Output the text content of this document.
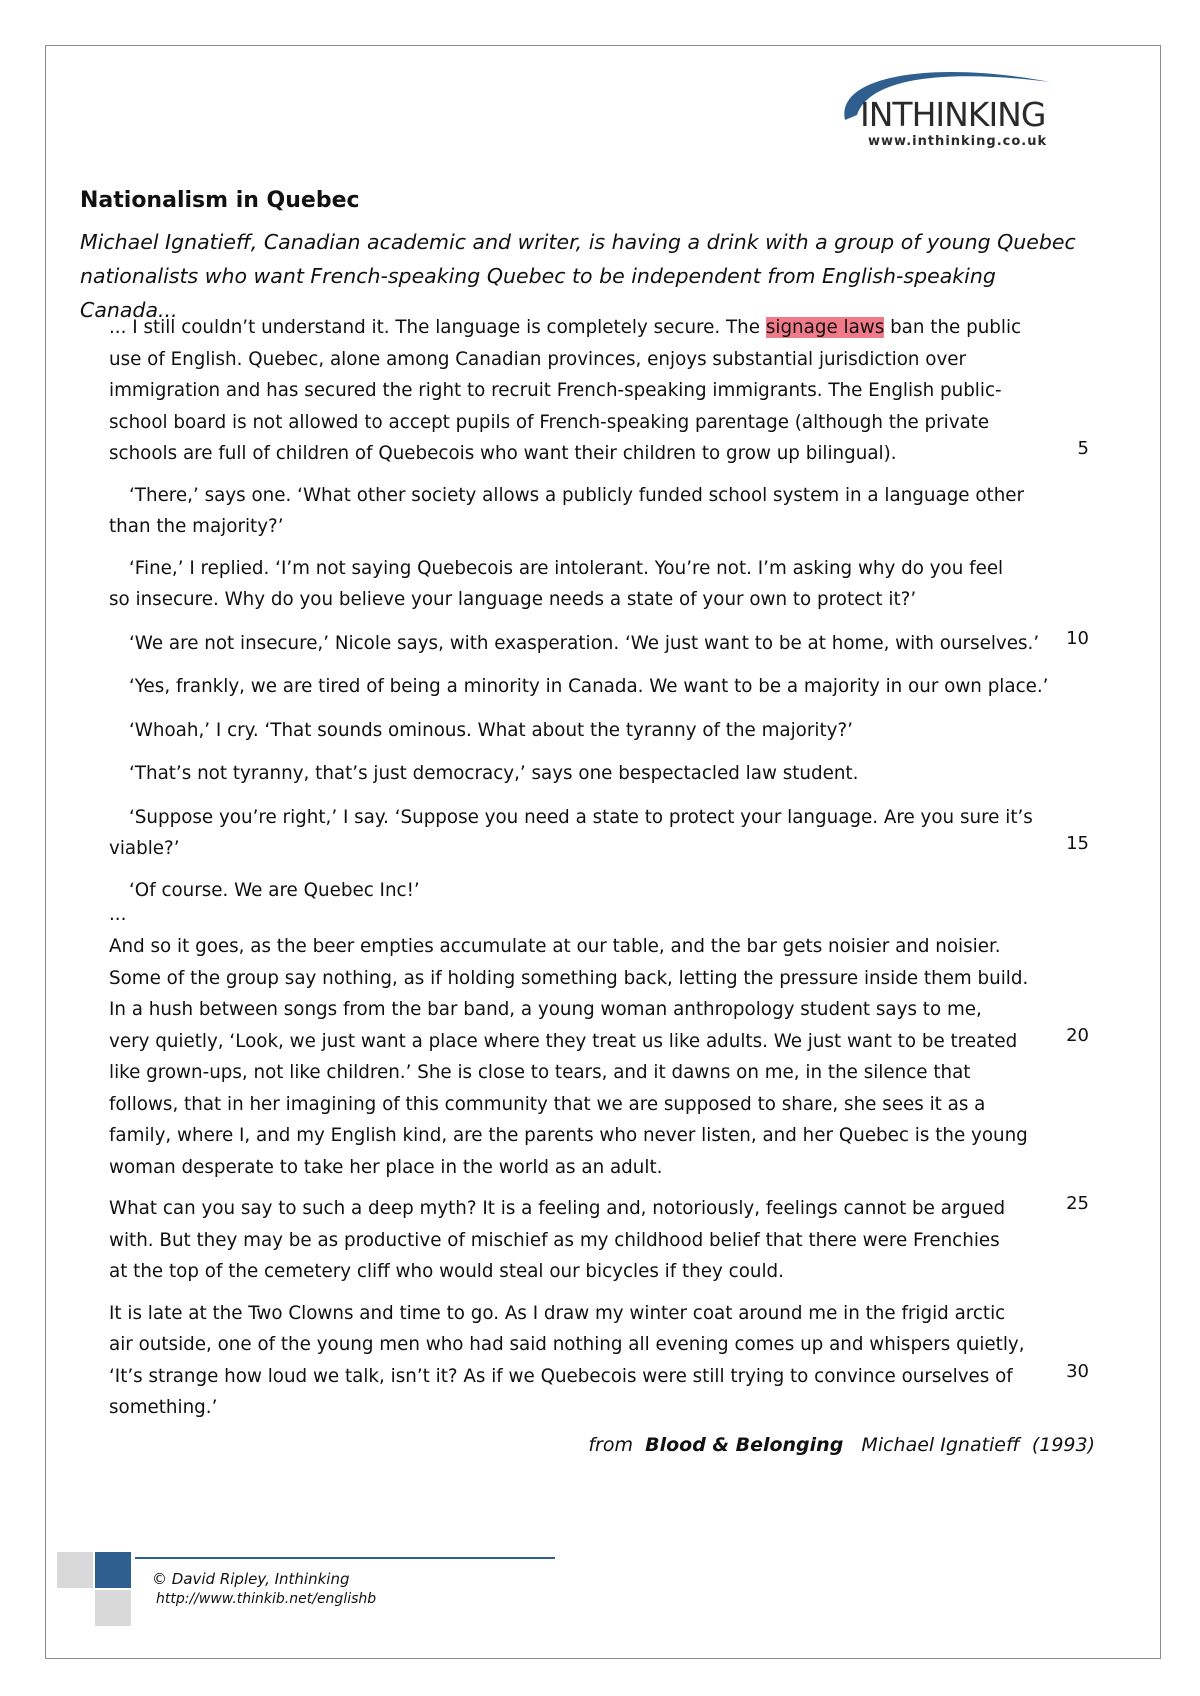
INTHINKING
www.inthinking.co.uk
Nationalism in Quebec

Michael Ignatieff, Canadian academic and writer, is having a drink with a group of young Quebec nationalists who want French-speaking Quebec to be independent from English-speaking Canada...

... I still couldn’t understand it. The language is completely secure. The signage laws ban the public
use of English. Quebec, alone among Canadian provinces, enjoys substantial jurisdiction over
immigration and has secured the right to recruit French-speaking immigrants. The English public-
school board is not allowed to accept pupils of French-speaking parentage (although the private
schools are full of children of Quebecois who want their children to grow up bilingual).	5
‘There,’ says one. ‘What other society allows a publicly funded school system in a language other
than the majority?’
‘Fine,’ I replied. ‘I’m not saying Quebecois are intolerant. You’re not. I’m asking why do you feel
so insecure. Why do you believe your language needs a state of your own to protect it?’
‘We are not insecure,’ Nicole says, with exasperation. ‘We just want to be at home, with ourselves.’	10
‘Yes, frankly, we are tired of being a minority in Canada. We want to be a majority in our own place.’
‘Whoah,’ I cry. ‘That sounds ominous. What about the tyranny of the majority?’
‘That’s not tyranny, that’s just democracy,’ says one bespectacled law student.
‘Suppose you’re right,’ I say. ‘Suppose you need a state to protect your language. Are you sure it’s
viable?’	15
‘Of course. We are Quebec Inc!’
...
And so it goes, as the beer empties accumulate at our table, and the bar gets noisier and noisier.
Some of the group say nothing, as if holding something back, letting the pressure inside them build.
In a hush between songs from the bar band, a young woman anthropology student says to me,
very quietly, ‘Look, we just want a place where they treat us like adults. We just want to be treated
like grown-ups, not like children.’ She is close to tears, and it dawns on me, in the silence that
follows, that in her imagining of this community that we are supposed to share, she sees it as a
family, where I, and my English kind, are the parents who never listen, and her Quebec is the young
woman desperate to take her place in the world as an adult.
20
What can you say to such a deep myth? It is a feeling and, notoriously, feelings cannot be argued
with. But they may be as productive of mischief as my childhood belief that there were Frenchies
at the top of the cemetery cliff who would steal our bicycles if they could.
25
It is late at the Two Clowns and time to go. As I draw my winter coat around me in the frigid arctic
air outside, one of the young men who had said nothing all evening comes up and whispers quietly,
‘It’s strange how loud we talk, isn’t it? As if we Quebecois were still trying to convince ourselves of
something.’
30
from Blood & Belonging Michael Ignatieff (1993)
© David Ripley, Inthinking
http://www.thinkib.net/englishb
